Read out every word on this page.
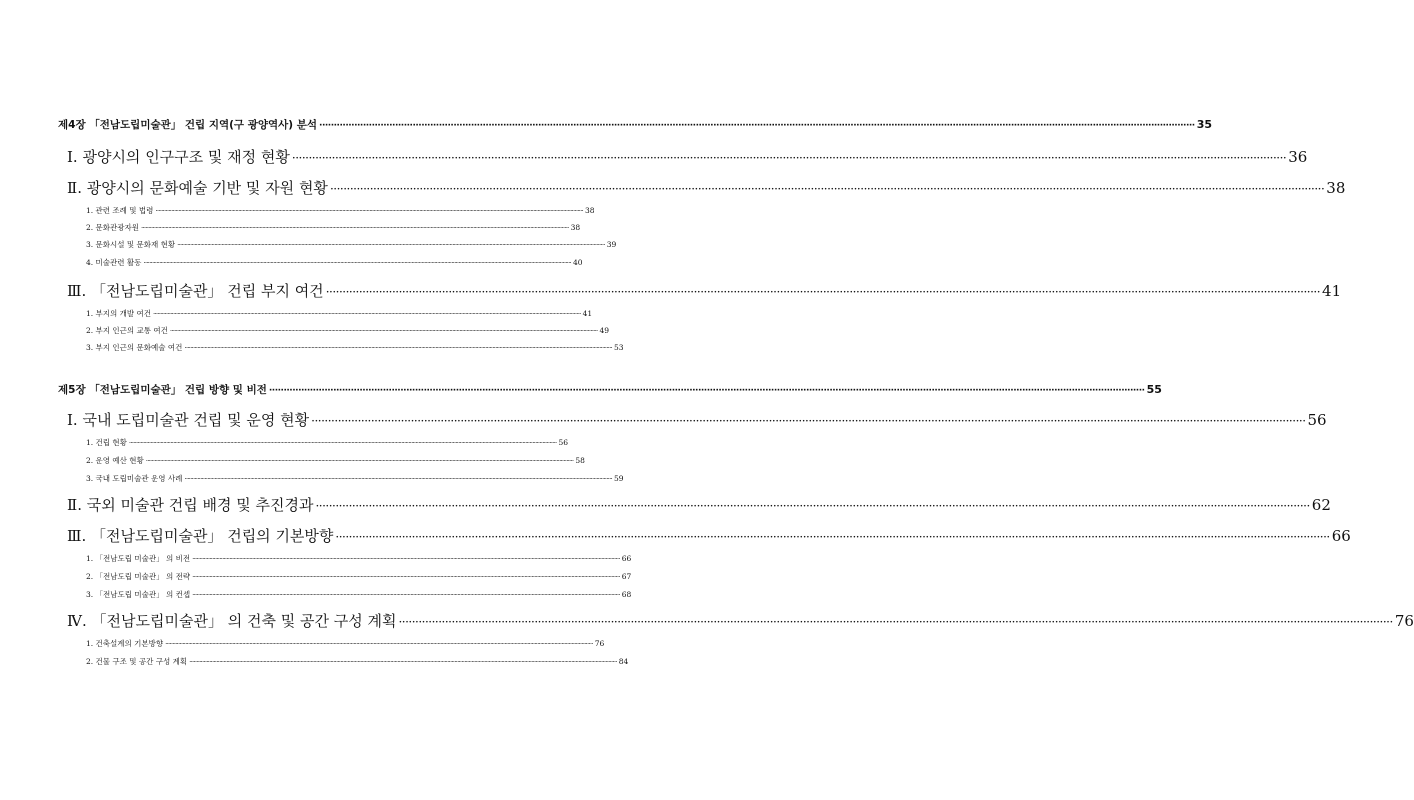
제4장 「전남도립미술관」 건립 지역(구 광양역사) 분석 ············································································································································································································································································································ 35
Ⅰ. 광양시의 인구구조 및 재정 현황 ············································································································································································································································································································ 36
Ⅱ. 광양시의 문화예술 기반 및 자원 현황 ············································································································································································································································································································ 38
1. 관련 조례 및 법령 ············································································································································································································································································································ 38
2. 문화관광자원 ············································································································································································································································································································ 38
3. 문화시설 및 문화재 현황 ············································································································································································································································································································ 39
4. 미술관련 활동 ············································································································································································································································································································ 40
Ⅲ. 「전남도립미술관」 건립 부지 여건 ············································································································································································································································································································ 41
1. 부지의 개발 여건 ············································································································································································································································································································ 41
2. 부지 인근의 교통 여건 ············································································································································································································································································································ 49
3. 부지 인근의 문화예술 여건 ············································································································································································································································································································ 53
제5장 「전남도립미술관」 건립 방향 및 비전 ············································································································································································································································································································ 55
Ⅰ. 국내 도립미술관 건립 및 운영 현황 ············································································································································································································································································································ 56
1. 건립 현황 ············································································································································································································································································································ 56
2. 운영 예산 현황 ············································································································································································································································································································ 58
3. 국내 도립미술관 운영 사례 ············································································································································································································································································································ 59
Ⅱ. 국외 미술관 건립 배경 및 추진경과 ············································································································································································································································································································ 62
Ⅲ. 「전남도립미술관」 건립의 기본방향 ············································································································································································································································································································ 66
1. 「전남도립 미술관」 의 비전 ············································································································································································································································································································ 66
2. 「전남도립 미술관」 의 전략 ············································································································································································································································································································ 67
3. 「전남도립 미술관」 의 컨셉 ············································································································································································································································································································ 68
Ⅳ. 「전남도립미술관」 의 건축 및 공간 구성 계획 ············································································································································································································································································································ 76
1. 건축설계의 기본방향 ············································································································································································································································································································ 76
2. 건물 구조 및 공간 구성 계획 ············································································································································································································································································································ 84
